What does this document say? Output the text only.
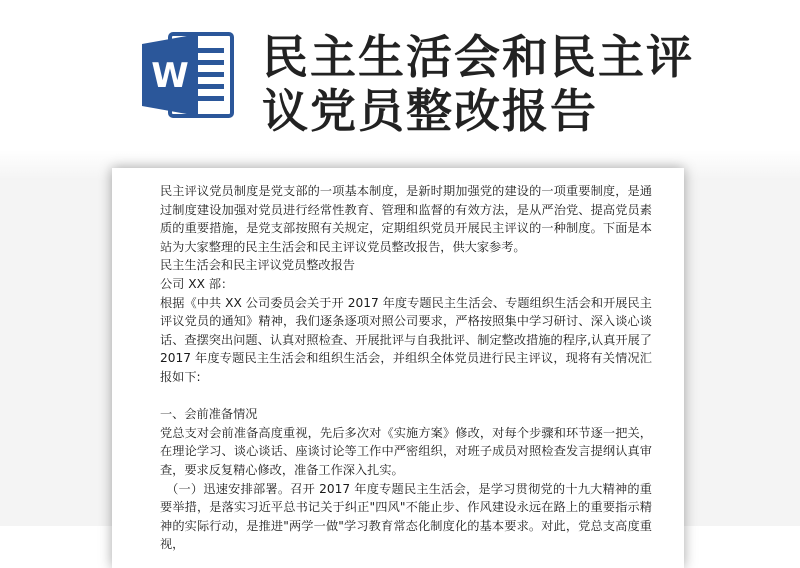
W 民主生活会和民主评
议党员整改报告

民主评议党员制度是党支部的一项基本制度，是新时期加强党的建设的一项重要制度，是通过制度建设加强对党员进行经常性教育、管理和监督的有效方法，是从严治党、提高党员素质的重要措施，是党支部按照有关规定，定期组织党员开展民主评议的一种制度。下面是本站为大家整理的民主生活会和民主评议党员整改报告，供大家参考。

民主生活会和民主评议党员整改报告

公司 XX 部：

根据《中共 XX 公司委员会关于开 2017 年度专题民主生活会、专题组织生活会和开展民主评议党员的通知》精神，我们逐条逐项对照公司要求，严格按照集中学习研讨、深入谈心谈话、查摆突出问题、认真对照检查、开展批评与自我批评、制定整改措施的程序,认真开展了 2017 年度专题民主生活会和组织生活会，并组织全体党员进行民主评议，现将有关情况汇报如下:

一、会前准备情况

党总支对会前准备高度重视，先后多次对《实施方案》修改，对每个步骤和环节逐一把关，在理论学习、谈心谈话、座谈讨论等工作中严密组织，对班子成员对照检查发言提纲认真审查，要求反复精心修改，准备工作深入扎实。

（一）迅速安排部署。召开 2017 年度专题民主生活会，是学习贯彻党的十九大精神的重要举措，是落实习近平总书记关于纠正"四风"不能止步、作风建设永远在路上的重要指示精神的实际行动，是推进"两学一做"学习教育常态化制度化的基本要求。对此，党总支高度重视，
